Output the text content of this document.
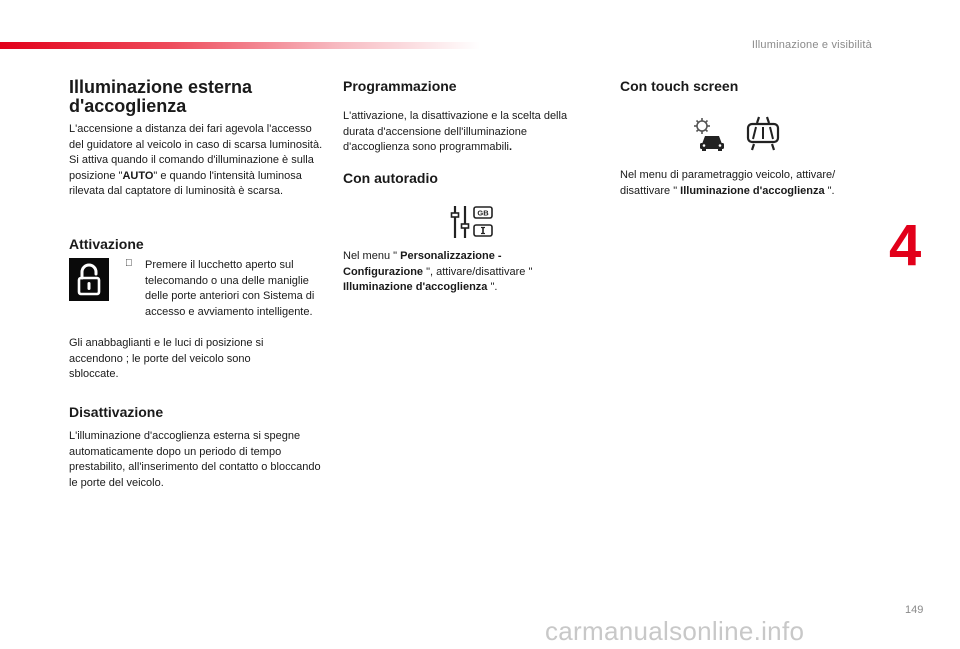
Illuminazione e visibilità
4
149
carmanualsonline.info
Illuminazione esterna d'accoglienza

L'accensione a distanza dei fari agevola l'accesso del guidatore al veicolo in caso di scarsa luminosità. Si attiva quando il comando d'illuminazione è sulla posizione "AUTO" e quando l'intensità luminosa rilevata dal captatore di luminosità è scarsa.

Attivazione

Premere il lucchetto aperto sul telecomando o una delle maniglie delle porte anteriori con Sistema di accesso e avviamento intelligente.

Gli anabbaglianti e le luci di posizione si accendono ; le porte del veicolo sono sbloccate.

Disattivazione

L'illuminazione d'accoglienza esterna si spegne automaticamente dopo un periodo di tempo prestabilito, all'inserimento del contatto o bloccando le porte del veicolo.

Programmazione

L'attivazione, la disattivazione e la scelta della durata d'accensione dell'illuminazione d'accoglienza sono programmabili.

Con autoradio
GB

Nel menu " Personalizzazione - Configurazione ", attivare/disattivare " Illuminazione d'accoglienza ".

Con touch screen

Nel menu di parametraggio veicolo, attivare/ disattivare " Illuminazione d'accoglienza ".
